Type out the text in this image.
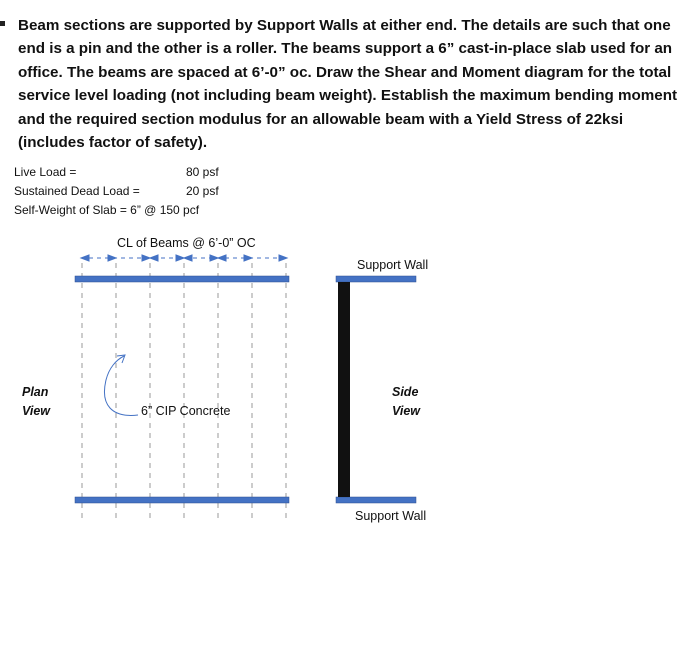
Beam sections are supported by Support Walls at either end. The details are such that one end is a pin and the other is a roller. The beams support a 6” cast-in-place slab used for an office. The beams are spaced at 6’-0” oc. Draw the Shear and Moment diagram for the total service level loading (not including beam weight). Establish the maximum bending moment and the required section modulus for an allowable beam with a Yield Stress of 22ksi (includes factor of safety).

Live Load =	80 psf
Sustained Dead Load =	20 psf
Self-Weight of Slab = 6” @ 150 pcf
CL of Beams @ 6’-0” OC
6” CIP Concrete
Plan
View
Side
View
Support Wall
Support Wall
